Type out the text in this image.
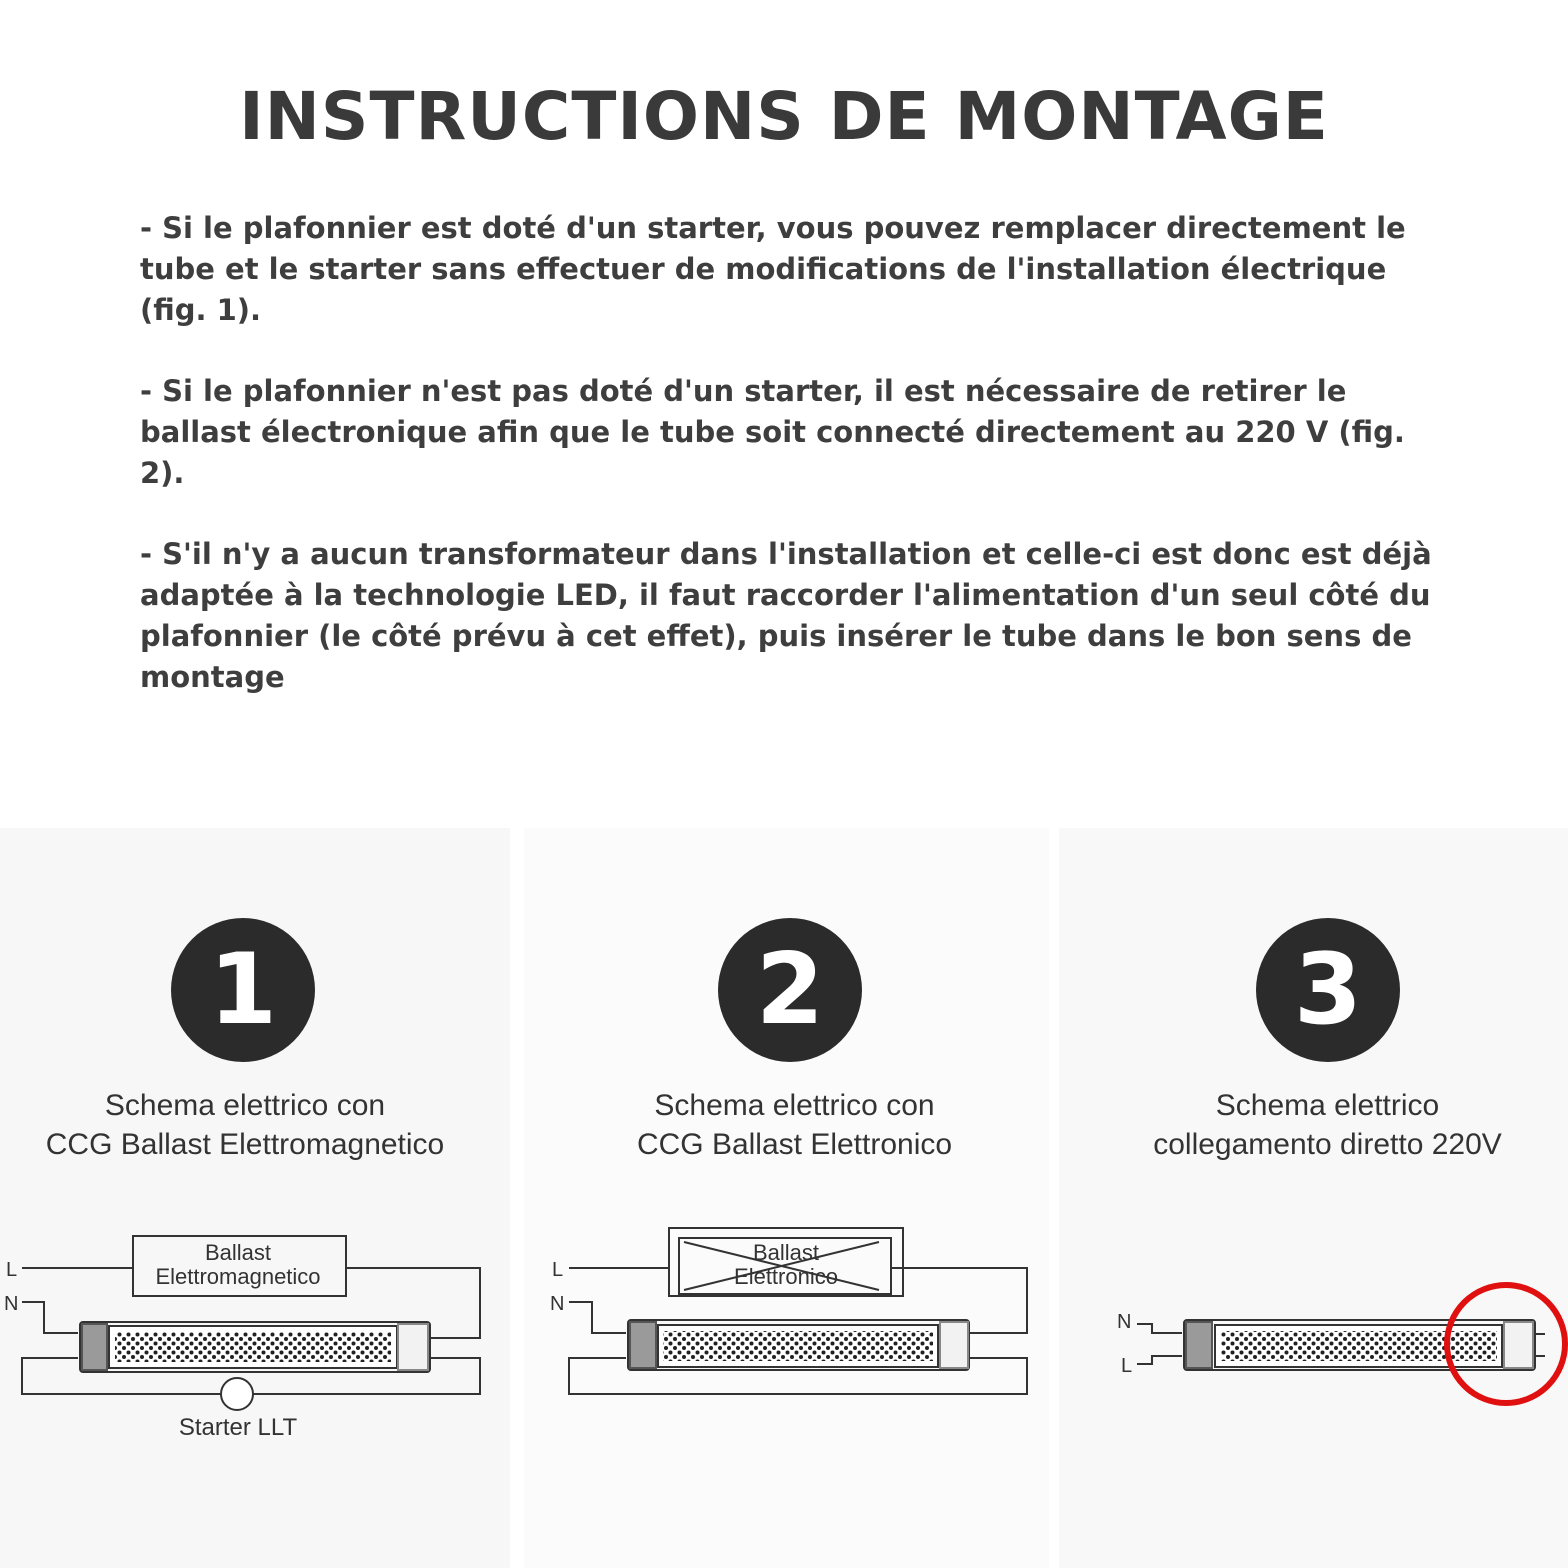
INSTRUCTIONS DE MONTAGE

- Si le plafonnier est doté d'un starter, vous pouvez remplacer directement le tube et le starter sans effectuer de modifications de l'installation électrique (fig. 1).

- Si le plafonnier n'est pas doté d'un starter, il est nécessaire de retirer le ballast électronique afin que le tube soit connecté directement au 220 V (fig. 2).

- S'il n'y a aucun transformateur dans l'installation et celle-ci est donc est déjà adaptée à la technologie LED, il faut raccorder l'alimentation d'un seul côté du plafonnier (le côté prévu à cet effet), puis insérer le tube dans le bon sens de montage

1
Schema elettrico con
CCG Ballast Elettromagnetico
Ballast
Elettromagnetico
L
N
Starter LLT
2
Schema elettrico con
CCG Ballast Elettronico
Ballast
Elettronico
L
N
3
Schema elettrico
collegamento diretto 220V
N
L
